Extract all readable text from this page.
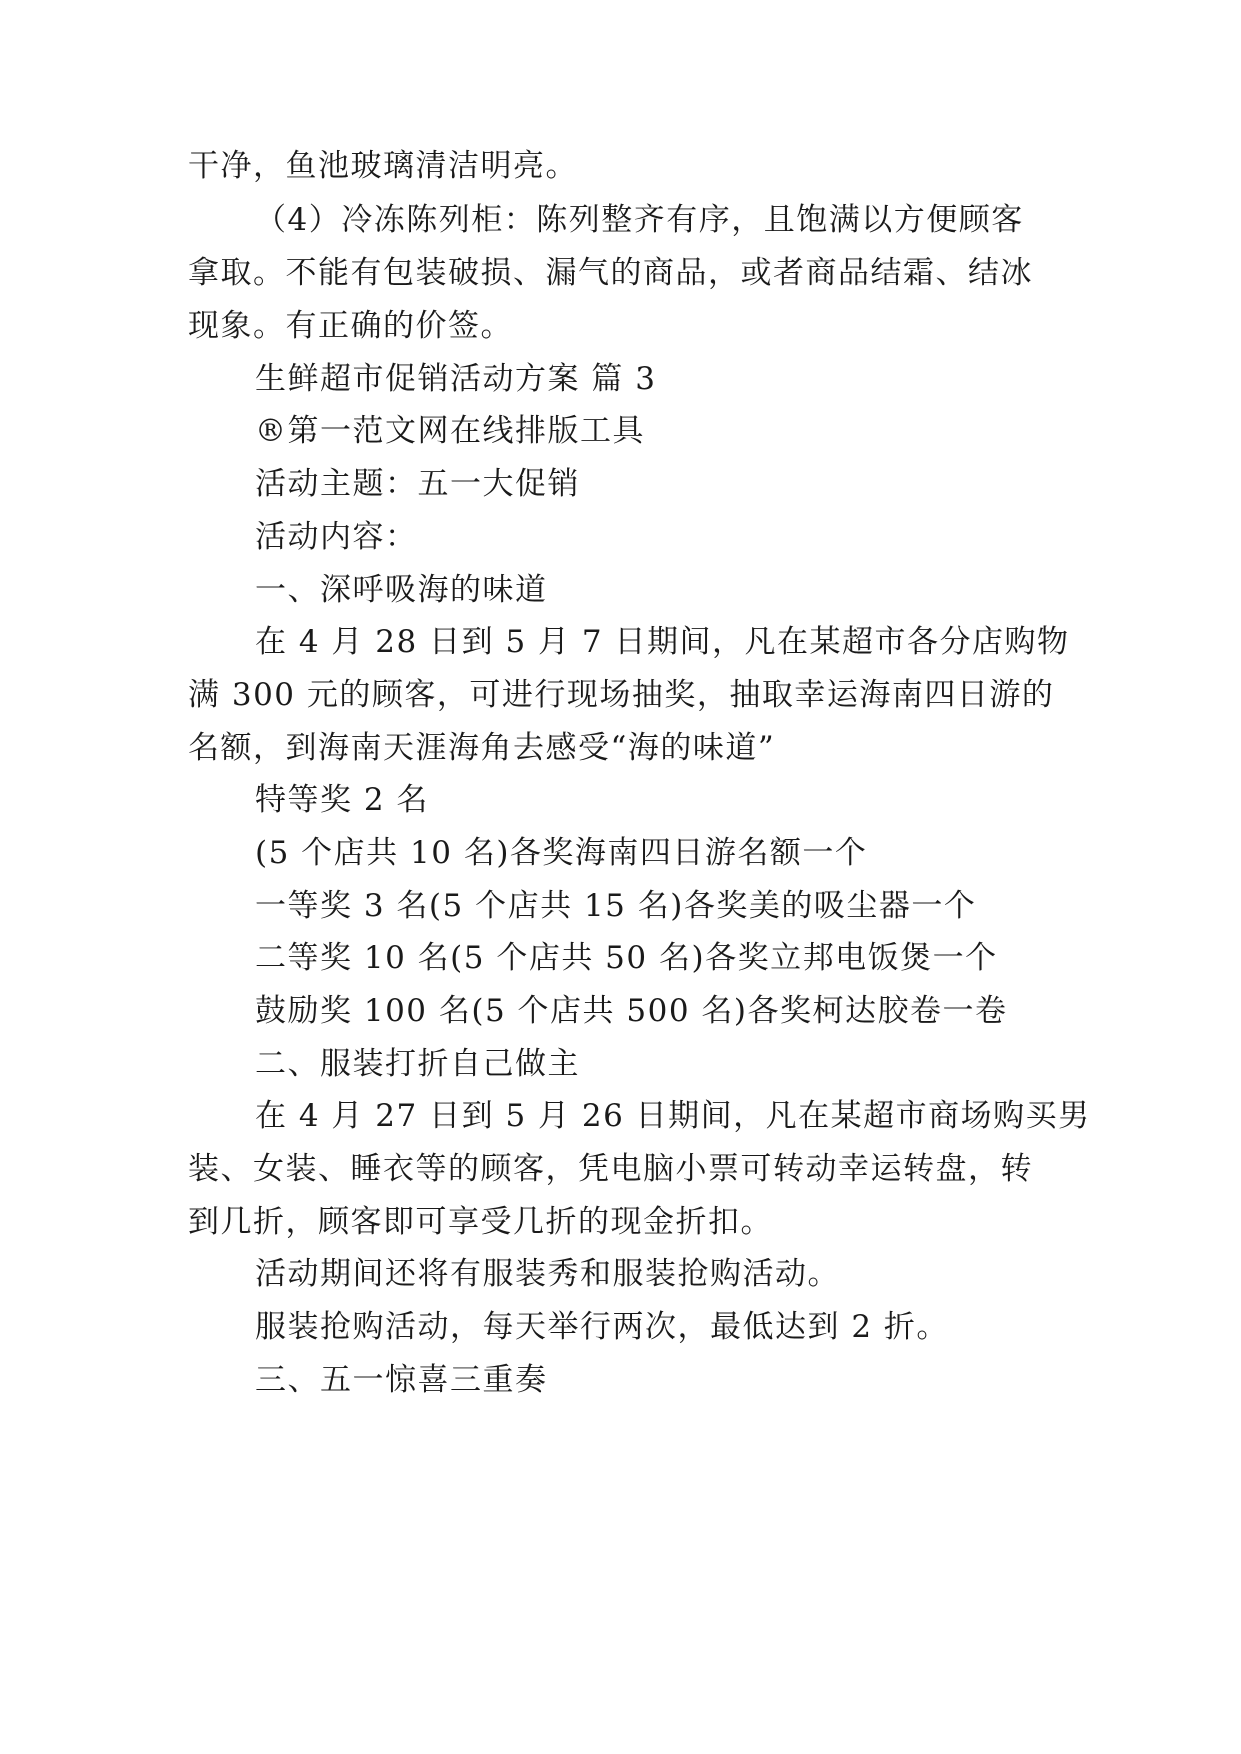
干净，鱼池玻璃清洁明亮。
（4）冷冻陈列柜：陈列整齐有序，且饱满以方便顾客
拿取。不能有包装破损、漏气的商品，或者商品结霜、结冰
现象。有正确的价签。
生鲜超市促销活动方案 篇 3
®第一范文网在线排版工具
活动主题：五一大促销
活动内容：
一、深呼吸海的味道
在 4 月 28 日到 5 月 7 日期间，凡在某超市各分店购物
满 300 元的顾客，可进行现场抽奖，抽取幸运海南四日游的
名额，到海南天涯海角去感受“海的味道”
特等奖 2 名
(5 个店共 10 名)各奖海南四日游名额一个
一等奖 3 名(5 个店共 15 名)各奖美的吸尘器一个
二等奖 10 名(5 个店共 50 名)各奖立邦电饭煲一个
鼓励奖 100 名(5 个店共 500 名)各奖柯达胶卷一卷
二、服装打折自己做主
在 4 月 27 日到 5 月 26 日期间，凡在某超市商场购买男
装、女装、睡衣等的顾客，凭电脑小票可转动幸运转盘，转
到几折，顾客即可享受几折的现金折扣。
活动期间还将有服装秀和服装抢购活动。
服装抢购活动，每天举行两次，最低达到 2 折。
三、五一惊喜三重奏
